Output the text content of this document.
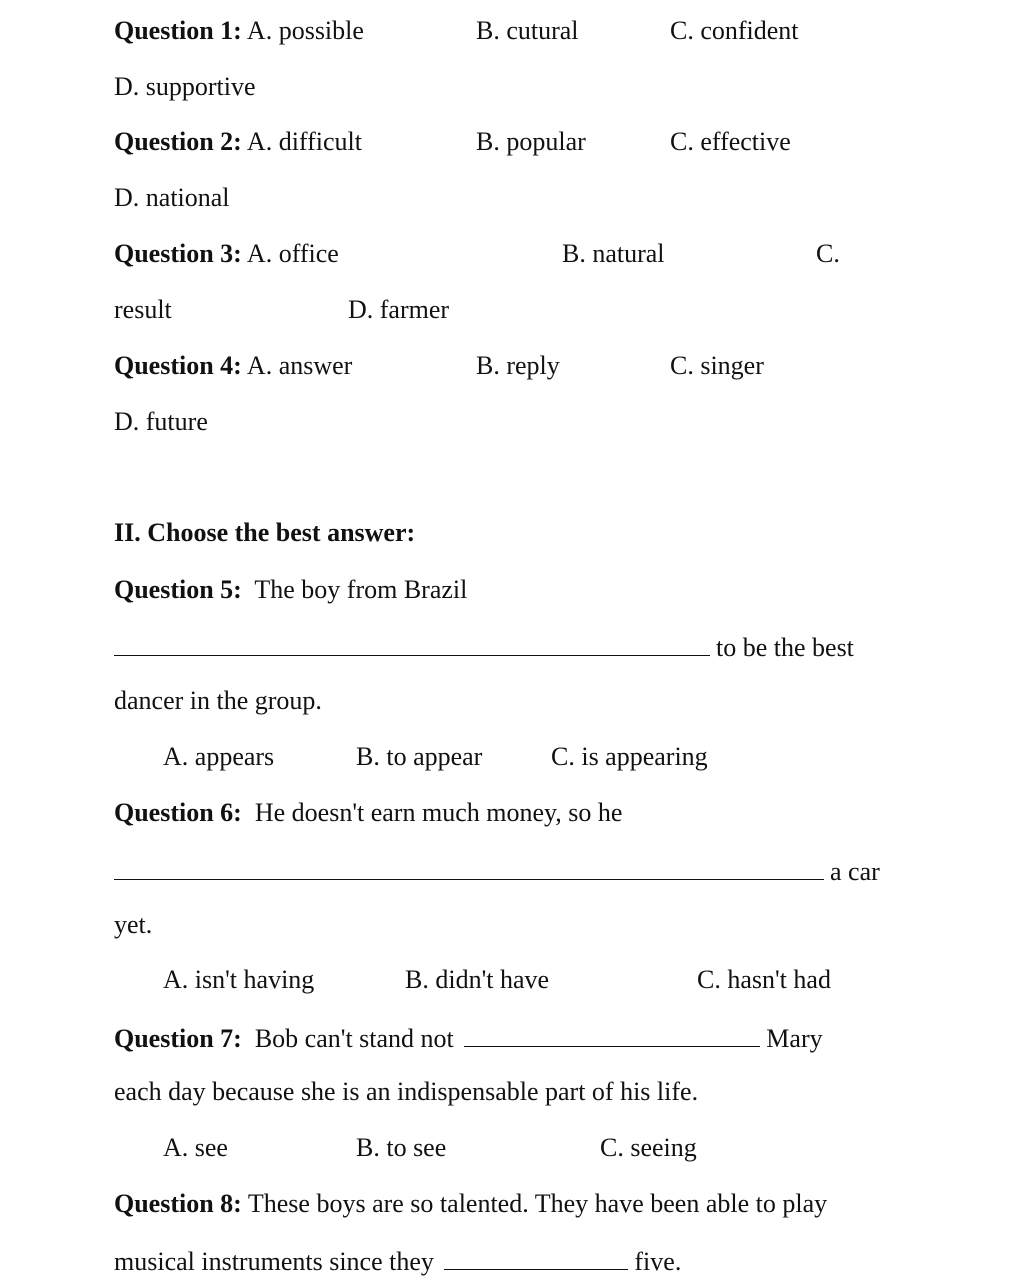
Question 1: A. possible	B. cutural	C. confident
D. supportive
Question 2: A. difficult	B. popular	C. effective
D. national
Question 3: A. office	B. natural	C.
result	D. farmer
Question 4: A. answer	B. reply	C. singer
D. future
II. Choose the best answer:
Question 5: The boy from Brazil
to be the best
dancer in the group.
A. appears	B. to appear	C. is appearing
Question 6: He doesn't earn much money, so he
a car
yet.
A. isn't having	B. didn't have	C. hasn't had
Question 7: Bob can't stand not	Mary
each day because she is an indispensable part of his life.
A. see	B. to see	C. seeing
Question 8: These boys are so talented. They have been able to play
musical instruments since they	five.
